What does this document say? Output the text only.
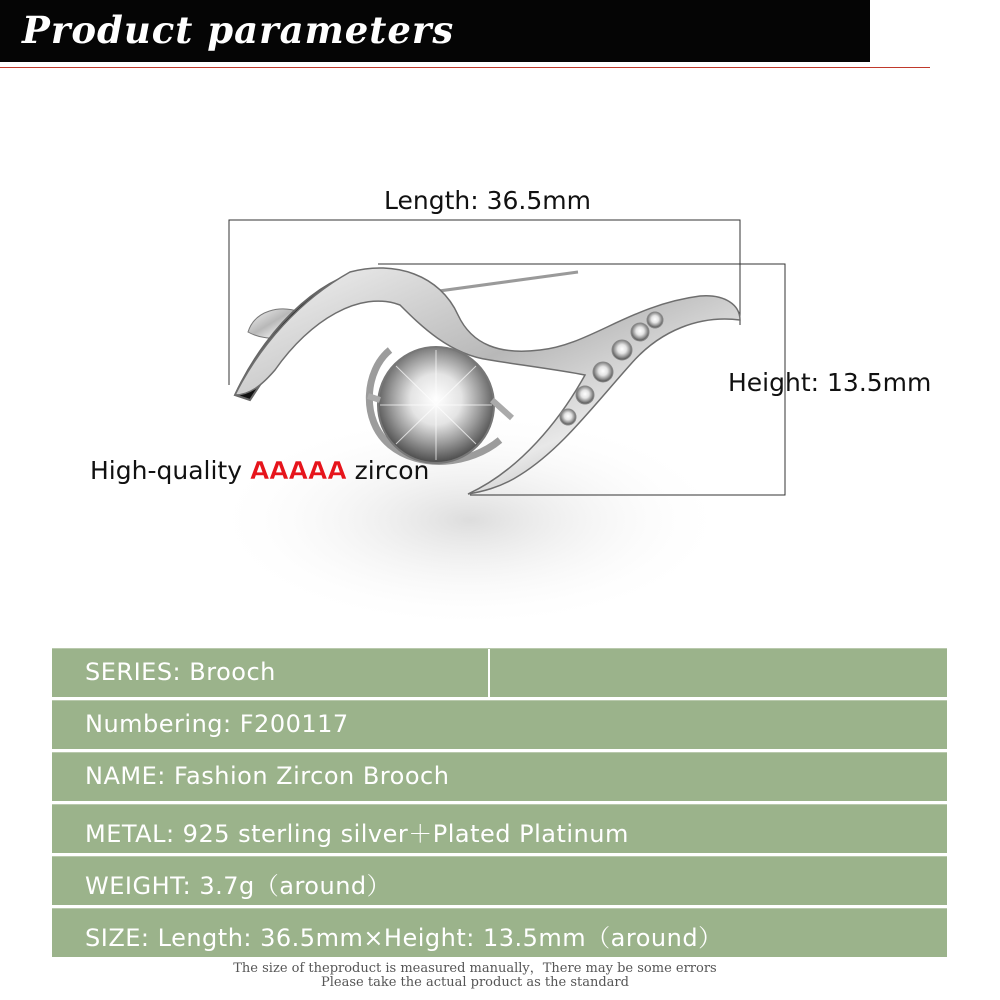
Product parameters
Length: 36.5mm
Height: 13.5mm
High-quality AAAAA zircon
SERIES: Brooch
Numbering: F200117
NAME: Fashion Zircon Brooch
METAL: 925 sterling silver＋Plated Platinum
WEIGHT: 3.7g（around）
SIZE: Length: 36.5mm×Height: 13.5mm（around）
The size of theproduct is measured manually，There may be some errors
Please take the actual product as the standard
